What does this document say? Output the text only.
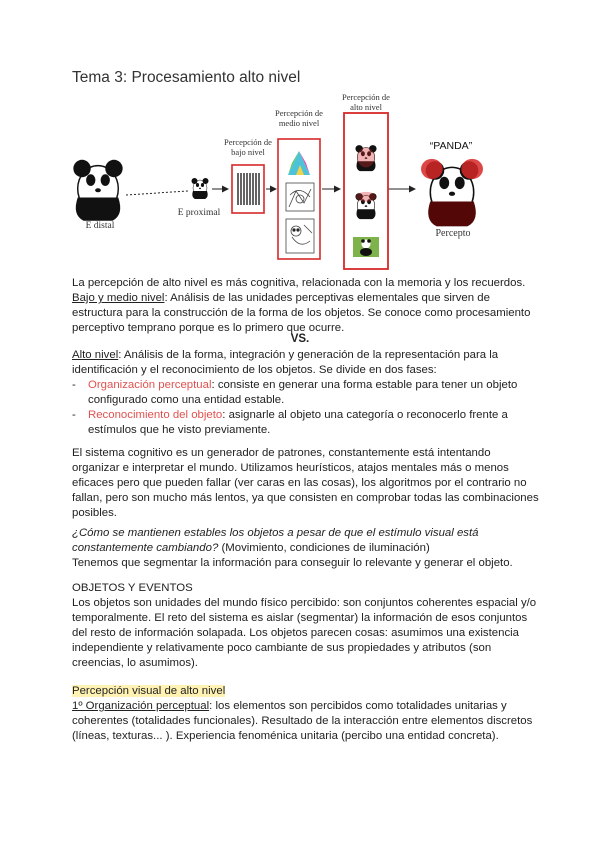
Tema 3: Procesamiento alto nivel
E distal
E proximal
Percepción de bajo nivel
Percepción de medio nivel
Percepción de alto nivel
“PANDA”
Percepto
La percepción de alto nivel es más cognitiva, relacionada con la memoria y los recuerdos.
Bajo y medio nivel: Análisis de las unidades perceptivas elementales que sirven de
estructura para la construcción de la forma de los objetos. Se conoce como procesamiento
perceptivo temprano porque es lo primero que ocurre.
VS.
Alto nivel: Análisis de la forma, integración y generación de la representación para la
identificación y el reconocimiento de los objetos. Se divide en dos fases:
- Organización perceptual: consiste en generar una forma estable para tener un objeto
configurado como una entidad estable.
- Reconocimiento del objeto: asignarle al objeto una categoría o reconocerlo frente a
estímulos que he visto previamente.
El sistema cognitivo es un generador de patrones, constantemente está intentando
organizar e interpretar el mundo. Utilizamos heurísticos, atajos mentales más o menos
eficaces pero que pueden fallar (ver caras en las cosas), los algoritmos por el contrario no
fallan, pero son mucho más lentos, ya que consisten en comprobar todas las combinaciones
posibles.
¿Cómo se mantienen estables los objetos a pesar de que el estímulo visual está
constantemente cambiando? (Movimiento, condiciones de iluminación)
Tenemos que segmentar la información para conseguir lo relevante y generar el objeto.
OBJETOS Y EVENTOS
Los objetos son unidades del mundo físico percibido: son conjuntos coherentes espacial y/o
temporalmente. El reto del sistema es aislar (segmentar) la información de esos conjuntos
del resto de información solapada. Los objetos parecen cosas: asumimos una existencia
independiente y relativamente poco cambiante de sus propiedades y atributos (son
creencias, lo asumimos).
Percepción visual de alto nivel
1º Organización perceptual: los elementos son percibidos como totalidades unitarias y
coherentes (totalidades funcionales). Resultado de la interacción entre elementos discretos
(líneas, texturas... ). Experiencia fenoménica unitaria (percibo una entidad concreta).
